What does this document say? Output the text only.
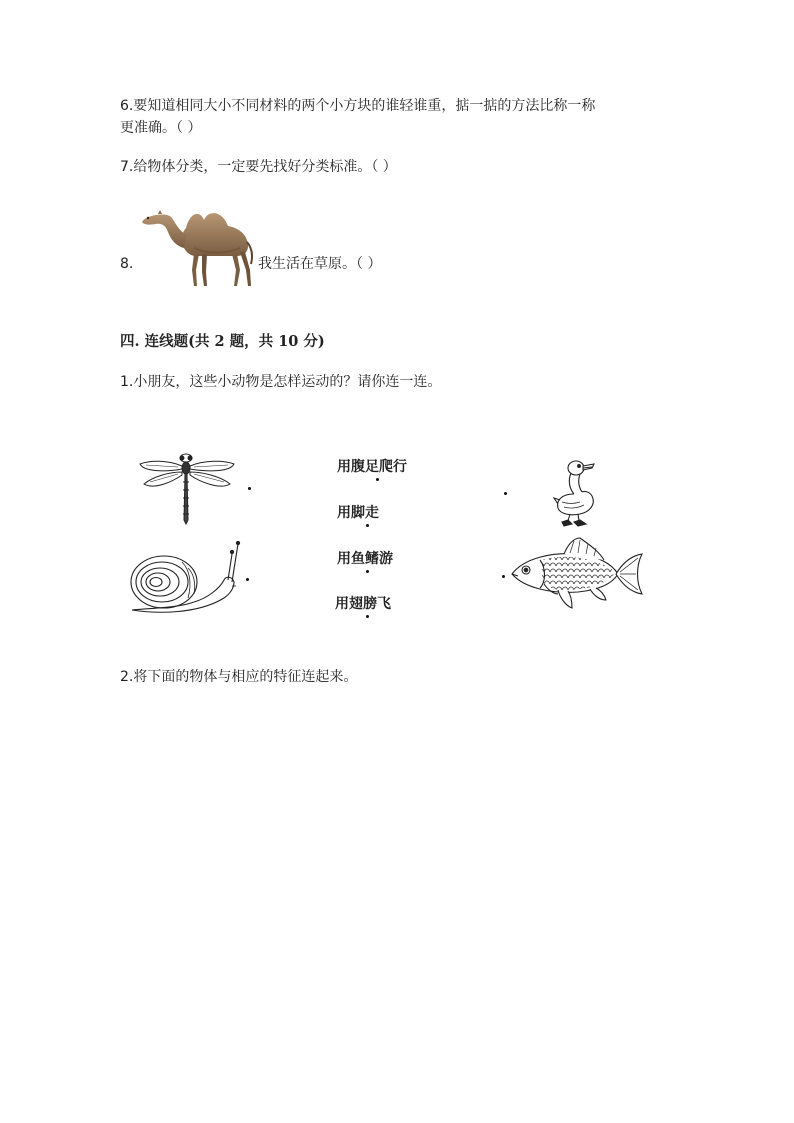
6.要知道相同大小不同材料的两个小方块的谁轻谁重，掂一掂的方法比称一称
更准确。（ ）
7.给物体分类，一定要先找好分类标准。（ ）
8.	我生活在草原。（ ）
四. 连线题(共 2 题，共 10 分)
1.小朋友，这些小动物是怎样运动的？请你连一连。
用腹足爬行
用脚走
用鱼鳍游
用翅膀飞
2.将下面的物体与相应的特征连起来。
